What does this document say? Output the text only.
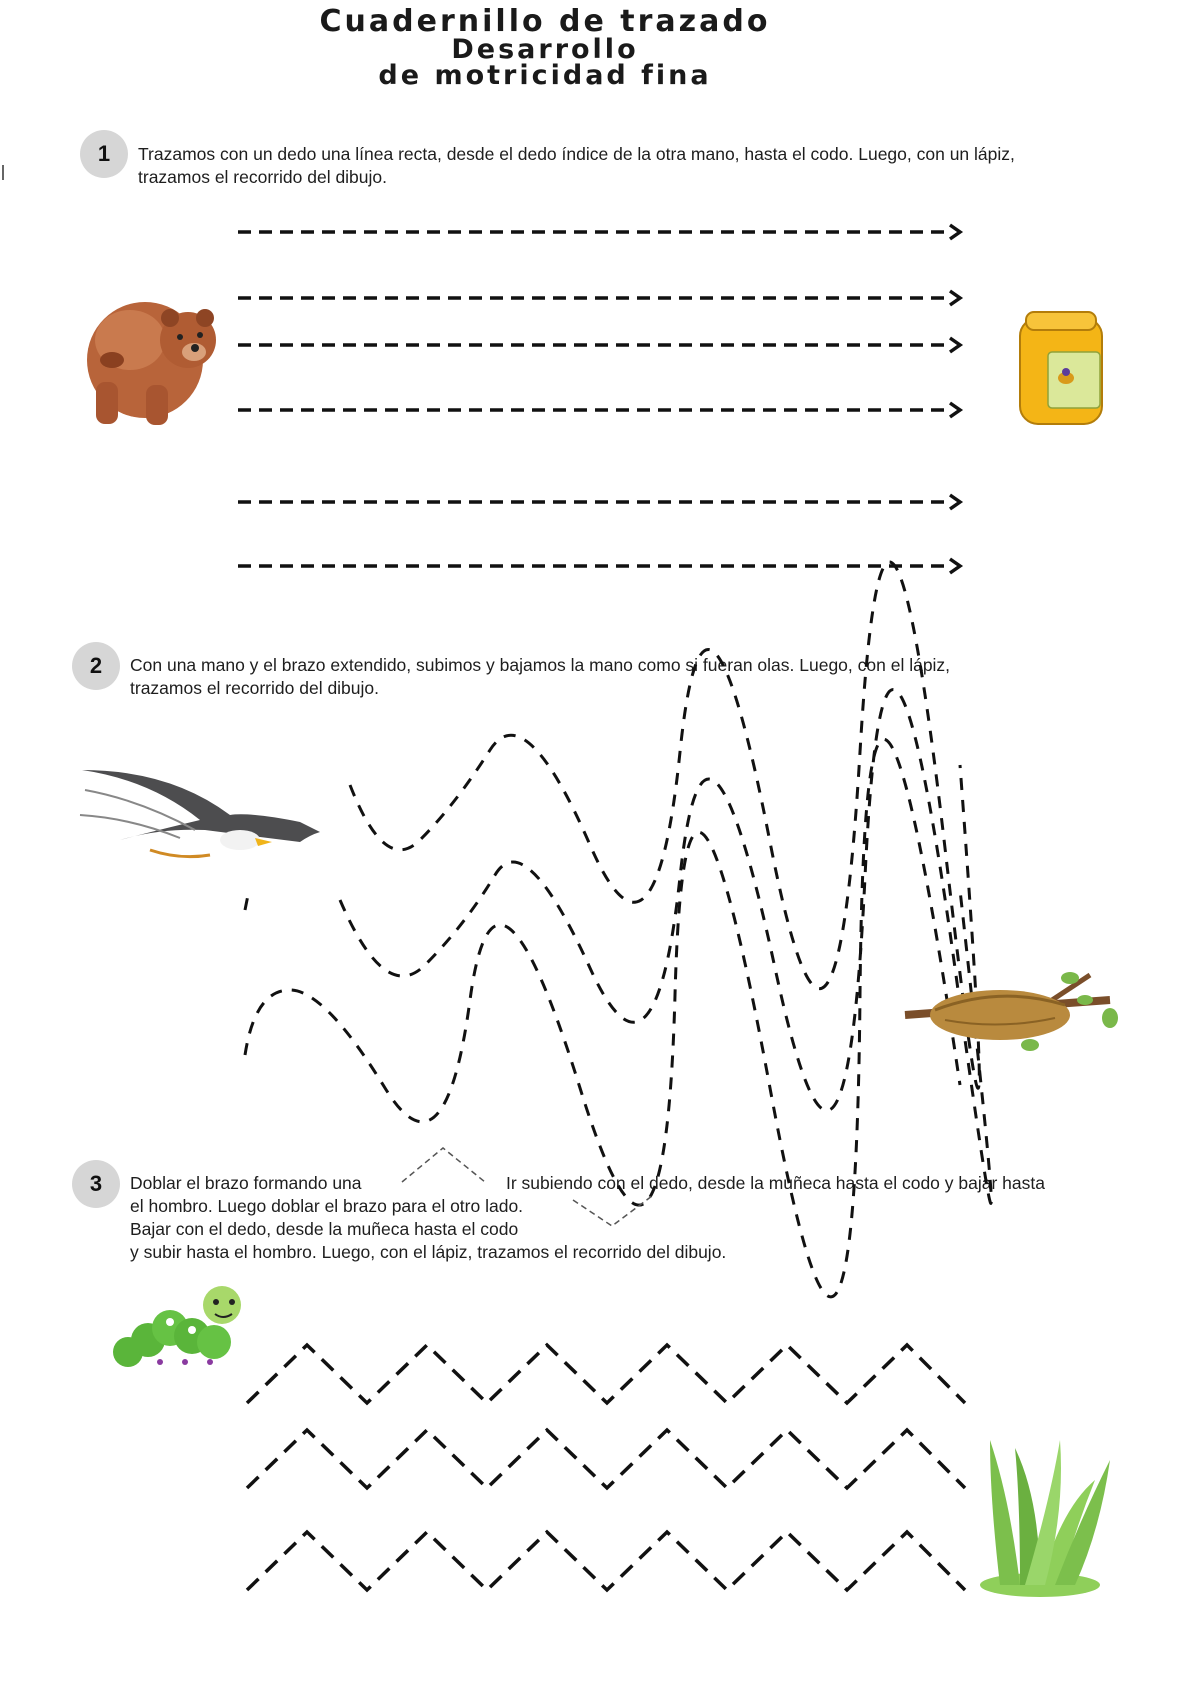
Cuadernillo de trazado
Desarrollo
de motricidad fina
1	Trazamos con un dedo una línea recta, desde el dedo índice de la otra mano, hasta el codo. Luego, con un lápiz,
trazamos el recorrido del dibujo.
2	Con una mano y el brazo extendido, subimos y bajamos la mano como si fueran olas. Luego, con el lápiz,
trazamos el recorrido del dibujo.
3	Doblar el brazo formando una	Ir subiendo con el dedo, desde la muñeca hasta el codo y bajar hasta
el hombro. Luego doblar el brazo para el otro lado.
Bajar con el dedo, desde la muñeca hasta el codo
y subir hasta el hombro. Luego, con el lápiz, trazamos el recorrido del dibujo.
